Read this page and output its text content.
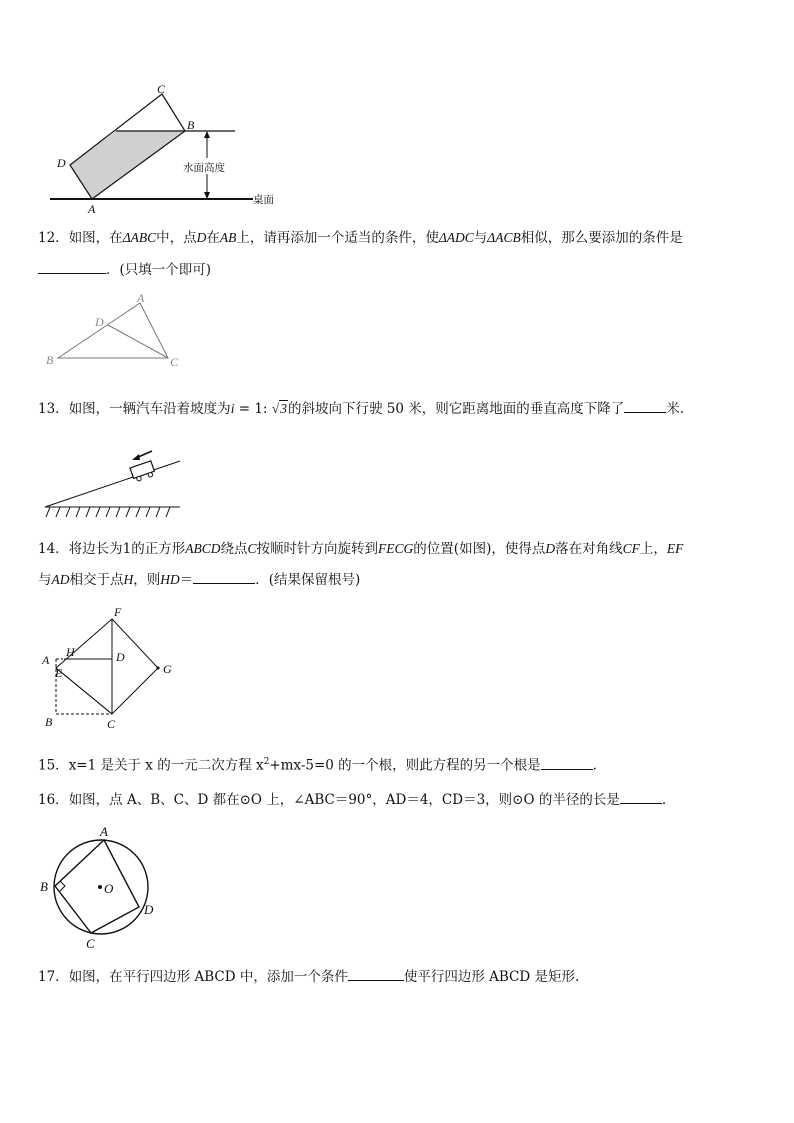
水面高度
桌面
C
B
D
A
12．如图，在ΔABC中，点D在AB上，请再添加一个适当的条件，使ΔADC与ΔACB相似，那么要添加的条件是
．(只填一个即可)
A
D
B	C
13．如图，一辆汽车沿着坡度为i = 1: √3的斜坡向下行驶 50 米，则它距离地面的垂直高度下降了	米.
14．将边长为1的正方形ABCD绕点C按顺时针方向旋转到FECG的位置(如图)，使得点D落在对角线CF上，EF
与AD相交于点H，则HD＝	．(结果保留根号)
F
H
A	D
E	G
B	C
15．x=1 是关于 x 的一元二次方程 $x^2+mx-5=0$ 的一个根，则此方程的另一个根是	.
16．如图，点 A、B、C、D 都在⊙O 上，∠ABC＝90°，AD＝4，CD＝3，则⊙O 的半径的长是	.
A
B	O
D
C
17．如图，在平行四边形 ABCD 中，添加一个条件	使平行四边形 ABCD 是矩形.
